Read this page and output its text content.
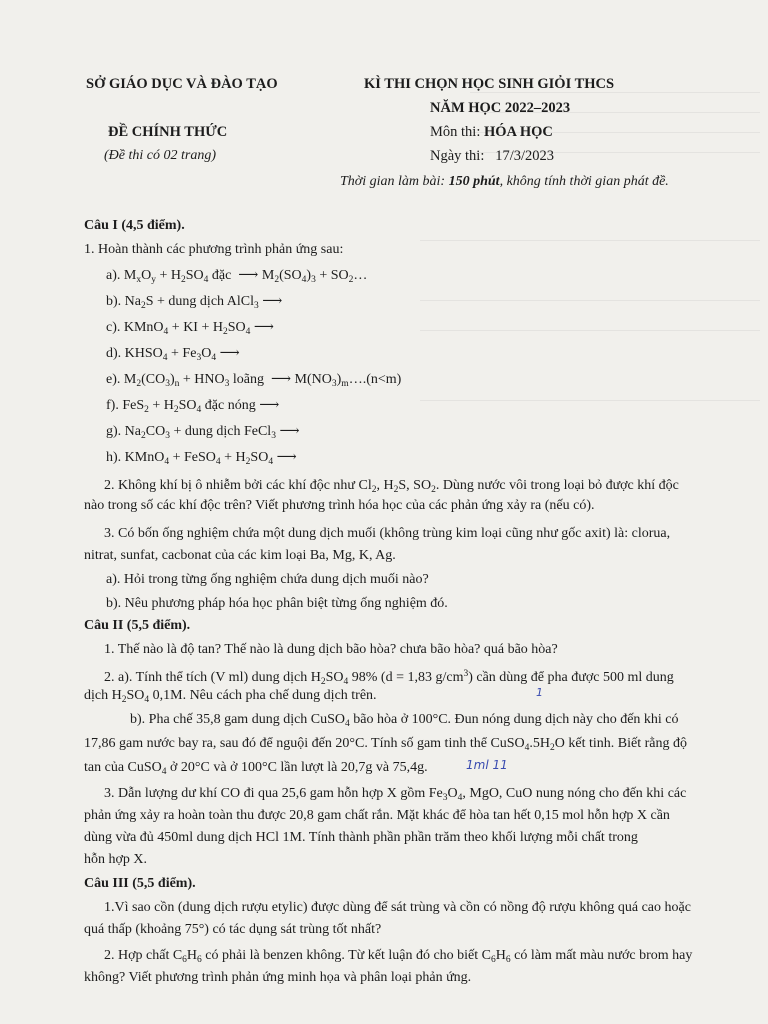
SỞ GIÁO DỤC VÀ ĐÀO TẠO	KÌ THI CHỌN HỌC SINH GIỎI THCS
NĂM HỌC 2022–2023
ĐỀ CHÍNH THỨC
(Đề thi có 02 trang)
Môn thi: HÓA HỌC
Ngày thi: 17/3/2023
Thời gian làm bài: 150 phút, không tính thời gian phát đề.
Câu I (4,5 điểm).
1. Hoàn thành các phương trình phản ứng sau:
a). $M_xO_y + H_2SO_4$ đặc  ⟶ $M_2(SO_4)_3$ + $SO_2\dots$
b). $Na_2S$ + dung dịch AlCl$_3$ ⟶
c). KMnO$_4$ + KI + $H_2SO_4$ ⟶
d). $KHSO_4 + Fe_3O_4$ ⟶
e). $M_2(CO_3)_n + HNO_3$ loãng  ⟶ $M(NO_3)_m\dots.(n<m)$
f). $FeS_2 + H_2SO_4$ đặc nóng ⟶
g). $Na_2CO_3$ + dung dịch FeCl$_3$ ⟶
h). KMnO$_4$ + FeSO$_4$ + $H_2SO_4$ ⟶
2. Không khí bị ô nhiễm bởi các khí độc như $Cl_2$, $H_2S$, $SO_2$. Dùng nước vôi trong loại bỏ được khí độc
nào trong số các khí độc trên? Viết phương trình hóa học của các phản ứng xảy ra (nếu có).
3. Có bốn ống nghiệm chứa một dung dịch muối (không trùng kim loại cũng như gốc axit) là: clorua,
nitrat, sunfat, cacbonat của các kim loại Ba, Mg, K, Ag.
a). Hỏi trong từng ống nghiệm chứa dung dịch muối nào?
b). Nêu phương pháp hóa học phân biệt từng ống nghiệm đó.
Câu II (5,5 điểm).
1. Thế nào là độ tan? Thế nào là dung dịch bão hòa? chưa bão hòa? quá bão hòa?
2. a). Tính thể tích (V ml) dung dịch $H_2SO_4$ 98% (d = 1,83 $g/cm^3$) cần dùng để pha được 500 ml dung
dịch $H_2SO_4$ 0,1M. Nêu cách pha chế dung dịch trên.	1
b). Pha chế 35,8 gam dung dịch CuSO$_4$ bão hòa ở 100°C. Đun nóng dung dịch này cho đến khi có
17,86 gam nước bay ra, sau đó để nguội đến 20°C. Tính số gam tinh thể $CuSO_4.5H_2O$ kết tinh. Biết rằng độ
tan của CuSO$_4$ ở 20°C và ở 100°C lần lượt là 20,7g và 75,4g.	1ml 11
3. Dẫn lượng dư khí CO đi qua 25,6 gam hỗn hợp X gồm $Fe_3O_4$, MgO, CuO nung nóng cho đến khi các
phản ứng xảy ra hoàn toàn thu được 20,8 gam chất rắn. Mặt khác để hòa tan hết 0,15 mol hỗn hợp X cần
dùng vừa đủ 450ml dung dịch HCl 1M. Tính thành phần phần trăm theo khối lượng mỗi chất trong
hỗn hợp X.
Câu III (5,5 điểm).
1.Vì sao cồn (dung dịch rượu etylic) được dùng để sát trùng và cồn có nồng độ rượu không quá cao hoặc
quá thấp (khoảng 75°) có tác dụng sát trùng tốt nhất?
2. Hợp chất $C_6H_6$ có phải là benzen không. Từ kết luận đó cho biết $C_6H_6$ có làm mất màu nước brom hay
không? Viết phương trình phản ứng minh họa và phân loại phản ứng.
